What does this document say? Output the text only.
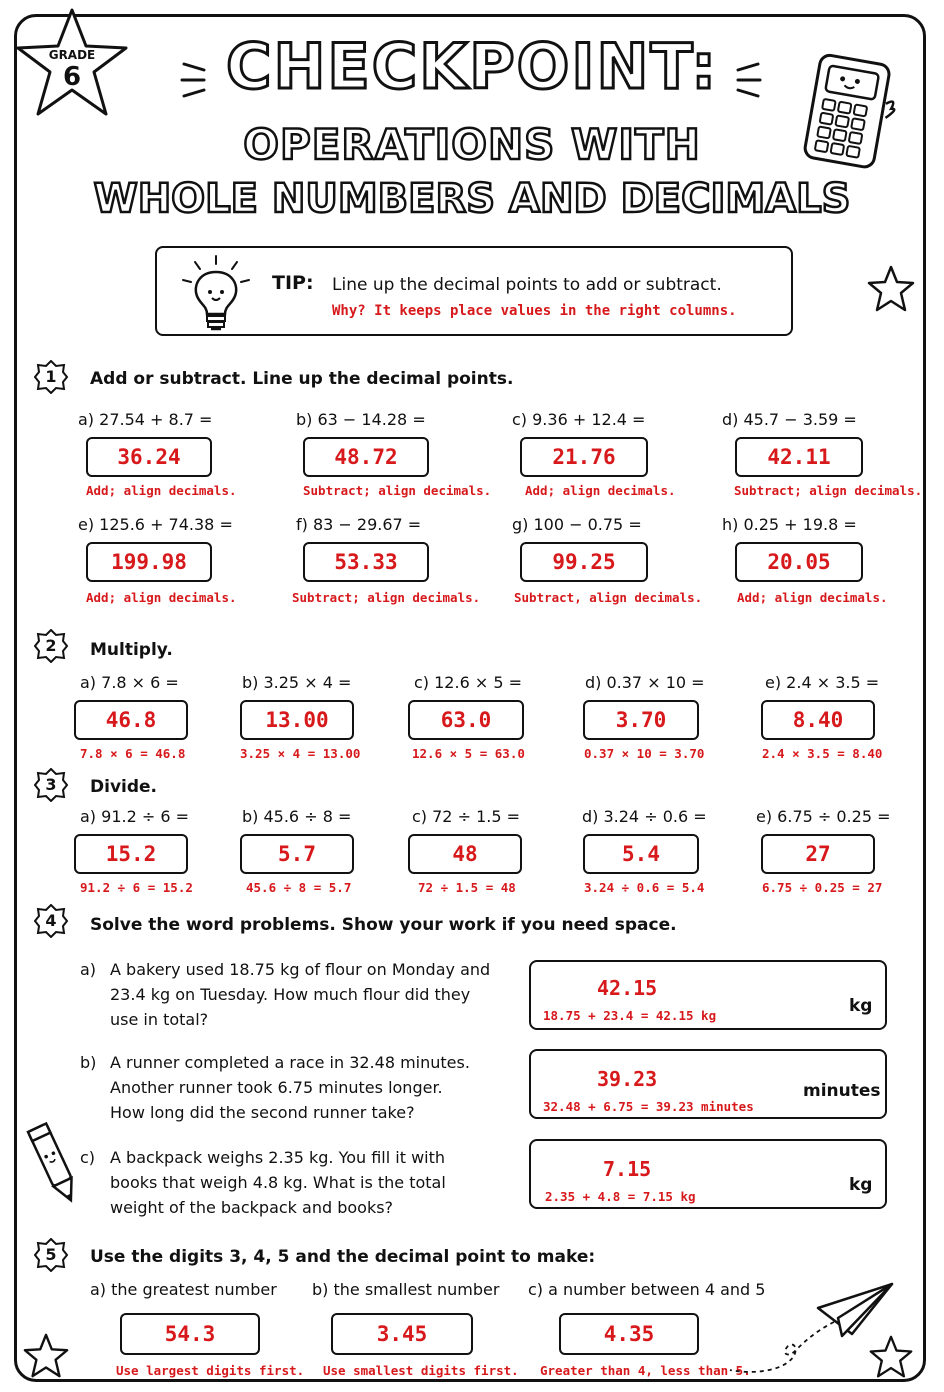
GRADE
6	CHECKPOINT:
OPERATIONS WITH
WHOLE NUMBERS AND DECIMALS
TIP: Line up the decimal points to add or subtract.
Why? It keeps place values in the right columns.
1	Add or subtract. Line up the decimal points.
a) 27.54 + 8.7 =	b) 63 − 14.28 =	c) 9.36 + 12.4 =	d) 45.7 − 3.59 =
36.24	48.72	21.76	42.11
Add; align decimals.	Subtract; align decimals.	Add; align decimals.	Subtract; align decimals.
e) 125.6 + 74.38 =	f) 83 − 29.67 =	g) 100 − 0.75 =	h) 0.25 + 19.8 =
199.98	53.33	99.25	20.05
Add; align decimals.	Subtract; align decimals.	Subtract, align decimals.	Add; align decimals.
2	Multiply.
a) 7.8 × 6 =	b) 3.25 × 4 =	c) 12.6 × 5 =	d) 0.37 × 10 =	e) 2.4 × 3.5 =
46.8	13.00	63.0	3.70	8.40
7.8 × 6 = 46.8	3.25 × 4 = 13.00	12.6 × 5 = 63.0	0.37 × 10 = 3.70	2.4 × 3.5 = 8.40
3	Divide.
a) 91.2 ÷ 6 =	b) 45.6 ÷ 8 =	c) 72 ÷ 1.5 =	d) 3.24 ÷ 0.6 =	e) 6.75 ÷ 0.25 =
15.2	5.7	48	5.4	27
91.2 ÷ 6 = 15.2	45.6 ÷ 8 = 5.7	72 ÷ 1.5 = 48	3.24 ÷ 0.6 = 5.4	6.75 ÷ 0.25 = 27
4	Solve the word problems. Show your work if you need space.
a) A bakery used 18.75 kg of flour on Monday and
23.4 kg on Tuesday. How much flour did they
use in total?
42.15
18.75 + 23.4 = 42.15 kg	kg
b) A runner completed a race in 32.48 minutes.
Another runner took 6.75 minutes longer.
How long did the second runner take?
39.23
32.48 + 6.75 = 39.23 minutes
minutes
c) A backpack weighs 2.35 kg. You fill it with
books that weigh 4.8 kg. What is the total
weight of the backpack and books?
7.15
2.35 + 4.8 = 7.15 kg
kg
5	Use the digits 3, 4, 5 and the decimal point to make:
a) the greatest number b) the smallest number c) a number between 4 and 5
54.3	3.45	4.35
Use largest digits first. Use smallest digits first. Greater than 4, less than 5.
